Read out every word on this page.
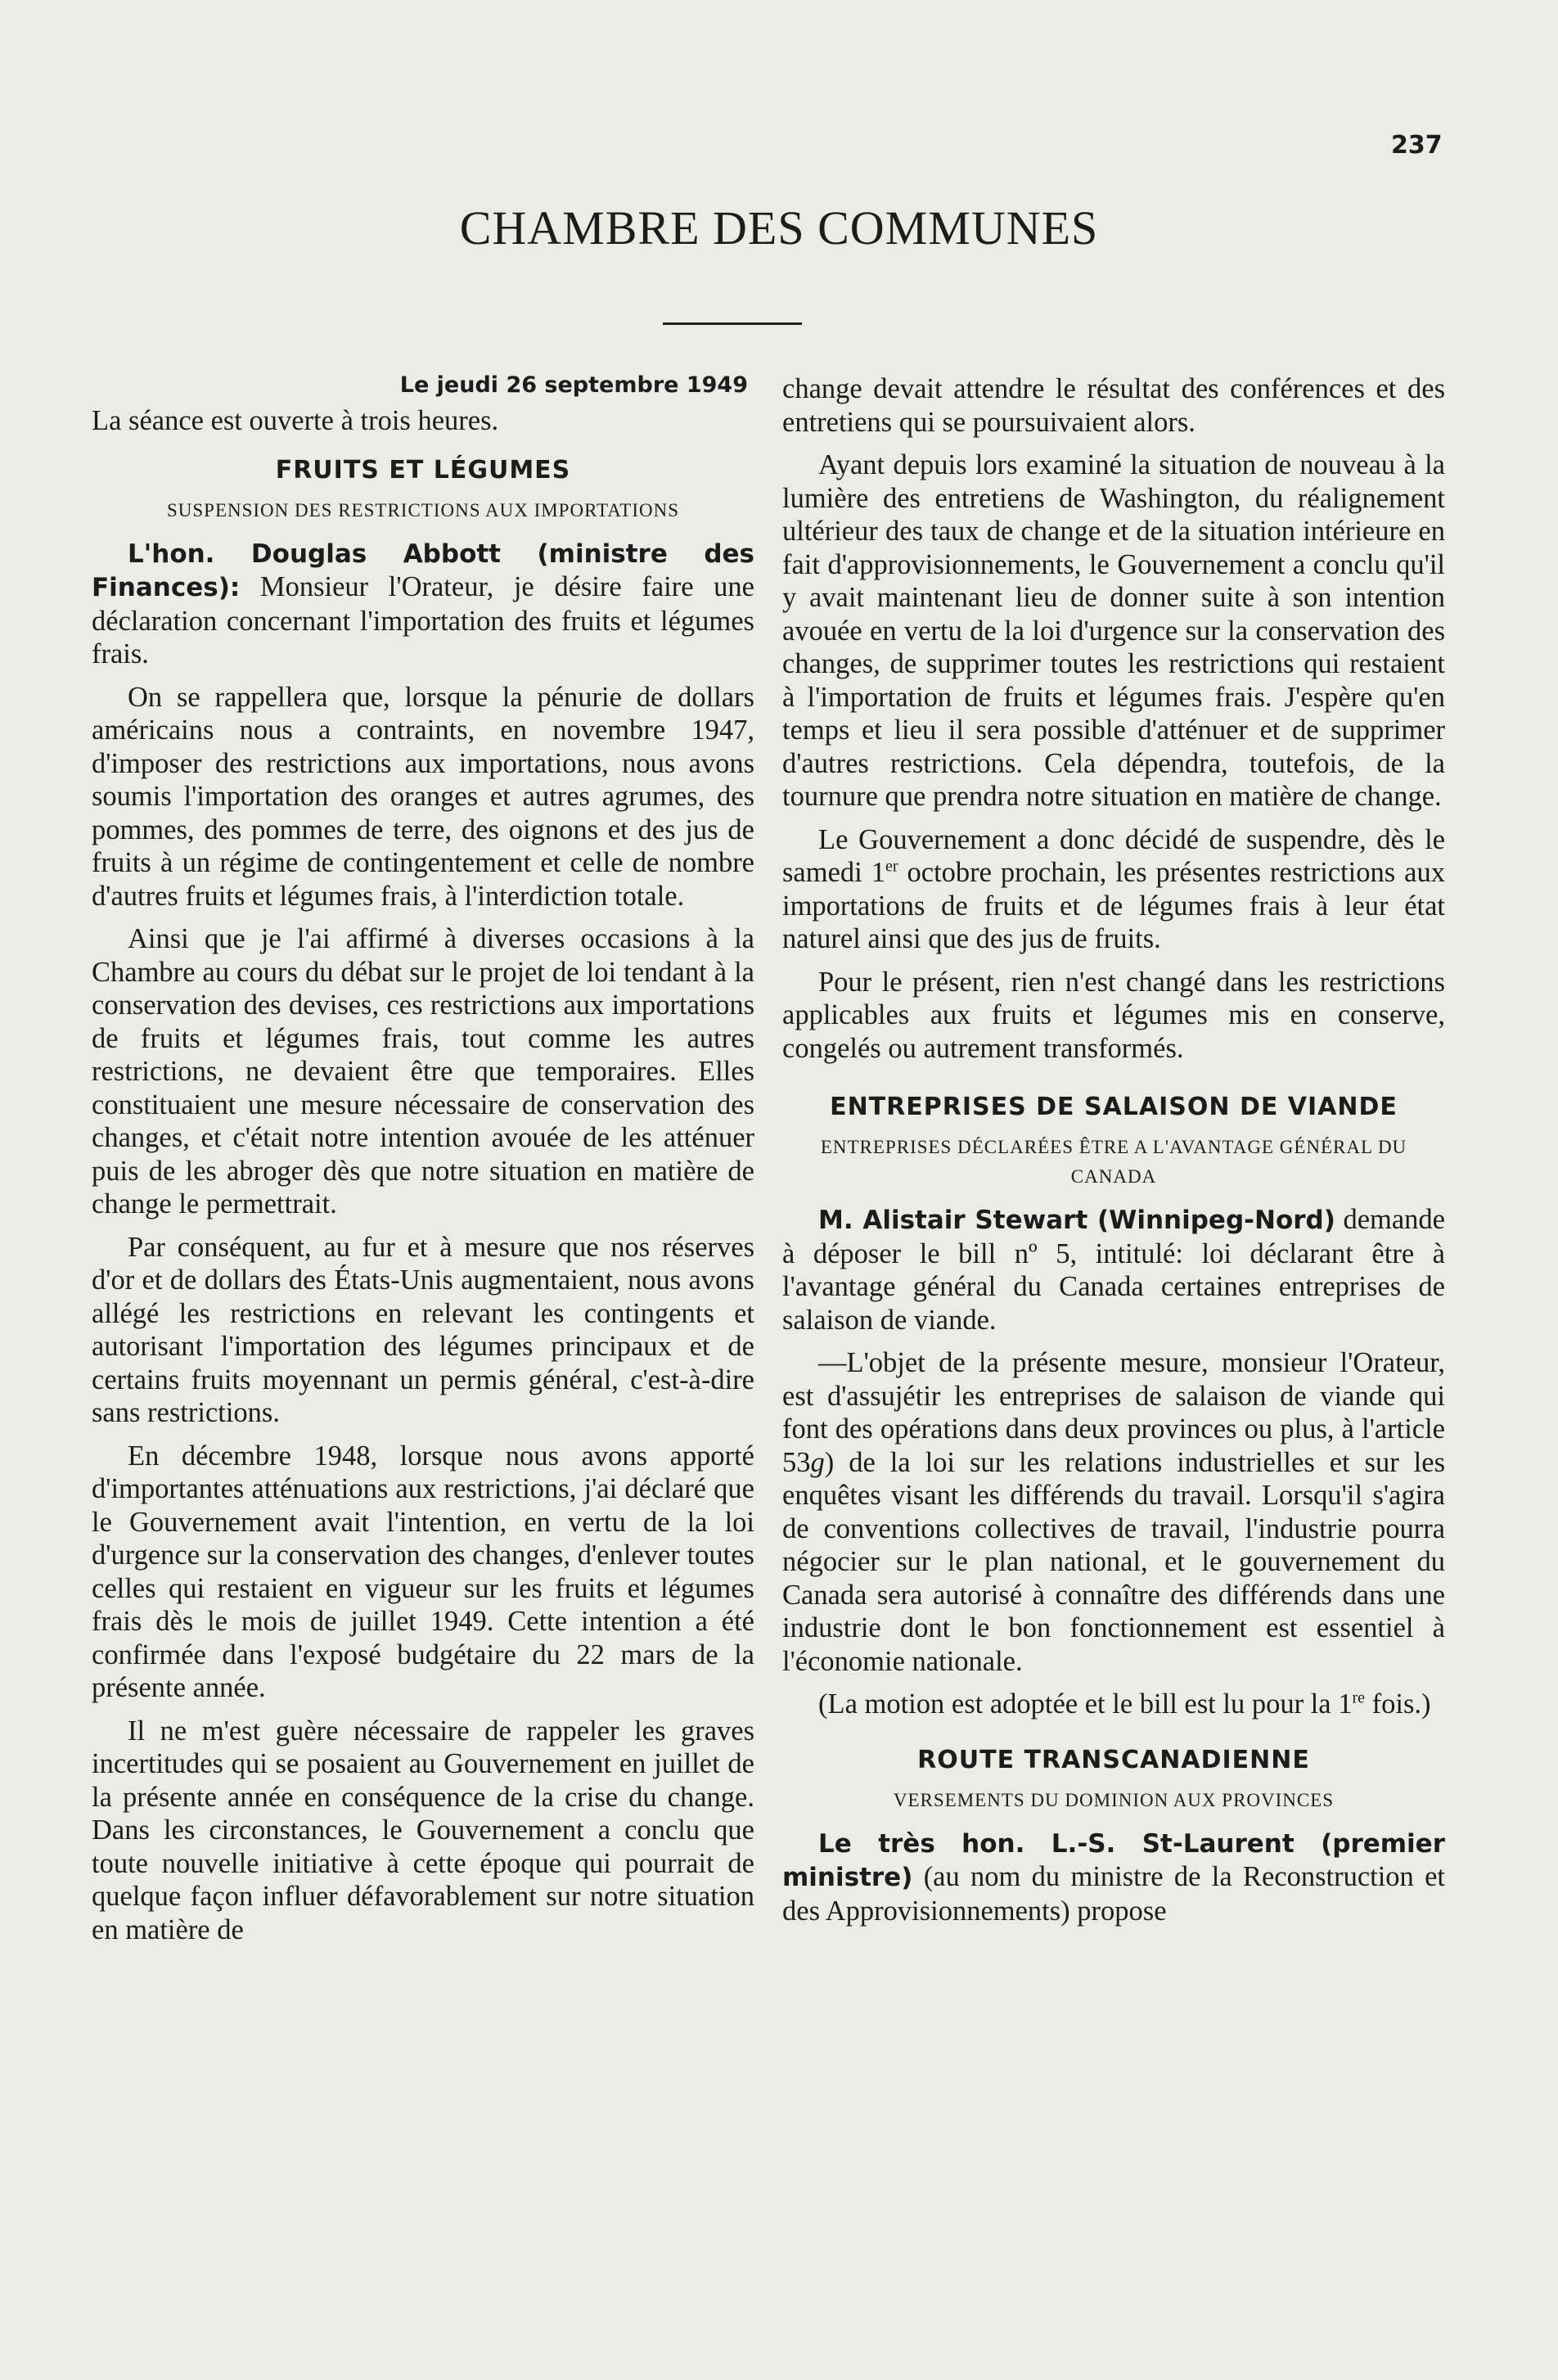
237
CHAMBRE DES COMMUNES
Le jeudi 26 septembre 1949

La séance est ouverte à trois heures.

FRUITS ET LÉGUMES
SUSPENSION DES RESTRICTIONS AUX IMPORTATIONS

L'hon. Douglas Abbott (ministre des Finances): Monsieur l'Orateur, je désire faire une déclaration concernant l'importation des fruits et légumes frais.

On se rappellera que, lorsque la pénurie de dollars américains nous a contraints, en novembre 1947, d'imposer des restrictions aux importations, nous avons soumis l'importation des oranges et autres agrumes, des pommes, des pommes de terre, des oignons et des jus de fruits à un régime de contingentement et celle de nombre d'autres fruits et légumes frais, à l'interdiction totale.

Ainsi que je l'ai affirmé à diverses occasions à la Chambre au cours du débat sur le projet de loi tendant à la conservation des devises, ces restrictions aux importations de fruits et légumes frais, tout comme les autres restrictions, ne devaient être que temporaires. Elles constituaient une mesure nécessaire de conservation des changes, et c'était notre intention avouée de les atténuer puis de les abroger dès que notre situation en matière de change le permettrait.

Par conséquent, au fur et à mesure que nos réserves d'or et de dollars des États-Unis augmentaient, nous avons allégé les restrictions en relevant les contingents et autorisant l'importation des légumes principaux et de certains fruits moyennant un permis général, c'est-à-dire sans restrictions.

En décembre 1948, lorsque nous avons apporté d'importantes atténuations aux restrictions, j'ai déclaré que le Gouvernement avait l'intention, en vertu de la loi d'urgence sur la conservation des changes, d'enlever toutes celles qui restaient en vigueur sur les fruits et légumes frais dès le mois de juillet 1949. Cette intention a été confirmée dans l'exposé budgétaire du 22 mars de la présente année.

Il ne m'est guère nécessaire de rappeler les graves incertitudes qui se posaient au Gouvernement en juillet de la présente année en conséquence de la crise du change. Dans les circonstances, le Gouvernement a conclu que toute nouvelle initiative à cette époque qui pourrait de quelque façon influer défavorablement sur notre situation en matière de

change devait attendre le résultat des conférences et des entretiens qui se poursuivaient alors.

Ayant depuis lors examiné la situation de nouveau à la lumière des entretiens de Washington, du réalignement ultérieur des taux de change et de la situation intérieure en fait d'approvisionnements, le Gouvernement a conclu qu'il y avait maintenant lieu de donner suite à son intention avouée en vertu de la loi d'urgence sur la conservation des changes, de supprimer toutes les restrictions qui restaient à l'importation de fruits et légumes frais. J'espère qu'en temps et lieu il sera possible d'atténuer et de supprimer d'autres restrictions. Cela dépendra, toutefois, de la tournure que prendra notre situation en matière de change.

Le Gouvernement a donc décidé de suspendre, dès le samedi 1er octobre prochain, les présentes restrictions aux importations de fruits et de légumes frais à leur état naturel ainsi que des jus de fruits.

Pour le présent, rien n'est changé dans les restrictions applicables aux fruits et légumes mis en conserve, congelés ou autrement transformés.

ENTREPRISES DE SALAISON DE VIANDE
ENTREPRISES DÉCLARÉES ÊTRE A L'AVANTAGE GÉNÉRAL DU CANADA

M. Alistair Stewart (Winnipeg-Nord) demande à déposer le bill nº 5, intitulé: loi déclarant être à l'avantage général du Canada certaines entreprises de salaison de viande.

—L'objet de la présente mesure, monsieur l'Orateur, est d'assujétir les entreprises de salaison de viande qui font des opérations dans deux provinces ou plus, à l'article 53g) de la loi sur les relations industrielles et sur les enquêtes visant les différends du travail. Lorsqu'il s'agira de conventions collectives de travail, l'industrie pourra négocier sur le plan national, et le gouvernement du Canada sera autorisé à connaître des différends dans une industrie dont le bon fonctionnement est essentiel à l'économie nationale.

(La motion est adoptée et le bill est lu pour la 1re fois.)

ROUTE TRANSCANADIENNE
VERSEMENTS DU DOMINION AUX PROVINCES

Le très hon. L.-S. St-Laurent (premier ministre) (au nom du ministre de la Reconstruction et des Approvisionnements) propose
